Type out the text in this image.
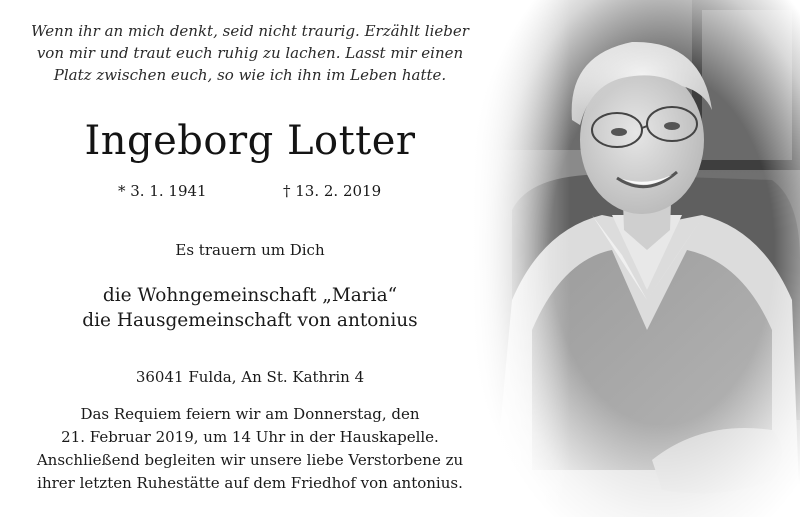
Wenn ihr an mich denkt, seid nicht traurig. Erzählt lieber
von mir und traut euch ruhig zu lachen. Lasst mir einen
Platz zwischen euch, so wie ich ihn im Leben hatte.
Ingeborg Lotter
* 3. 1. 1941	† 13. 2. 2019
Es trauern um Dich
die Wohngemeinschaft „Maria“
die Hausgemeinschaft von antonius
36041 Fulda, An St. Kathrin 4
Das Requiem feiern wir am Donnerstag, den
21. Februar 2019, um 14 Uhr in der Hauskapelle.
Anschließend begleiten wir unsere liebe Verstorbene zu
ihrer letzten Ruhestätte auf dem Friedhof von antonius.
